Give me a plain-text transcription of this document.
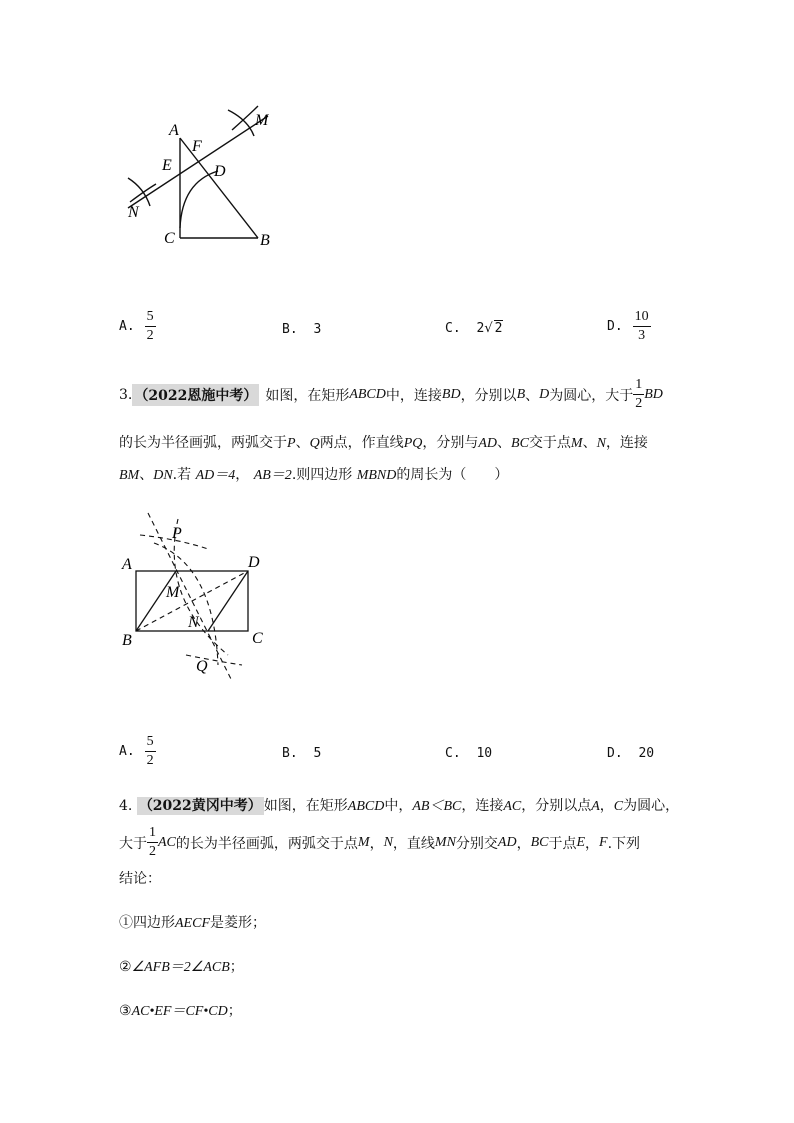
A
F
M
E	D
N
C	B
A. $\frac{5}{2}$	B. 3	C. 2√ 2	D. $\frac{10}{3}$
3. （2022恩施中考） 如图，在矩形 ABCD 中，连接 BD ，分别以 B 、 D 为圆心，大于 $\frac{1}{2}$ BD
的长为半径画弧，两弧交于P、Q两点，作直线PQ，分别与AD、BC交于点M、N，连接
BM、DN.若 AD＝4， AB＝2.则四边形 MBND的周长为（　　）
P
A	D
M
N
B	C
Q
A. $\frac{5}{2}$	B. 5	C. 10	D. 20
4. （2022黄冈中考） 如图，在矩形ABCD中，AB＜BC，连接AC，分别以点A，C为圆心，
大于 $\frac{1}{2}$ AC 的长为半径画弧，两弧交于点 M ， N ，直线 MN 分别交 AD ， BC 于点 E ， F .下列
结论：
①四边形AECF是菱形；
②∠AFB＝2∠ACB；
③AC•EF＝CF•CD；
